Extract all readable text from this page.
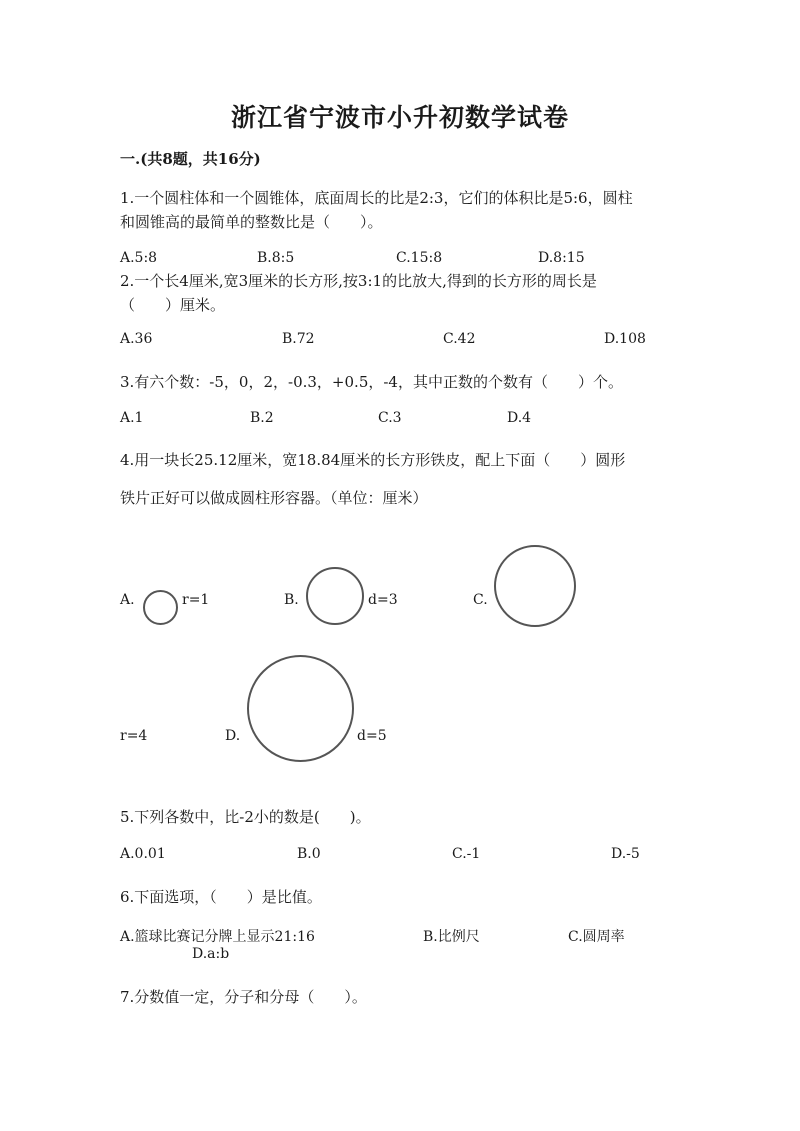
浙江省宁波市小升初数学试卷
一.(共8题，共16分)
1.一个圆柱体和一个圆锥体，底面周长的比是2:3，它们的体积比是5:6，圆柱
和圆锥高的最简单的整数比是（　　）。
A.5:8	B.8:5	C.15:8	D.8:15
2.一个长4厘米,宽3厘米的长方形,按3:1的比放大,得到的长方形的周长是
（　　）厘米。
A.36	B.72	C.42	D.108
3.有六个数：-5，0，2，-0.3，+0.5，-4，其中正数的个数有（　　）个。
A.1	B.2	C.3	D.4
4.用一块长25.12厘米，宽18.84厘米的长方形铁皮，配上下面（　　）圆形
铁片正好可以做成圆柱形容器。（单位：厘米）
A.	r=1	B.	d=3	C.
r=4	D.	d=5
5.下列各数中，比-2小的数是(　　)。
A.0.01	B.0	C.-1	D.-5
6.下面选项，（　　）是比值。
A.篮球比赛记分牌上显示21:16	B.比例尺	C.圆周率
D.a:b
7.分数值一定，分子和分母（　　）。
